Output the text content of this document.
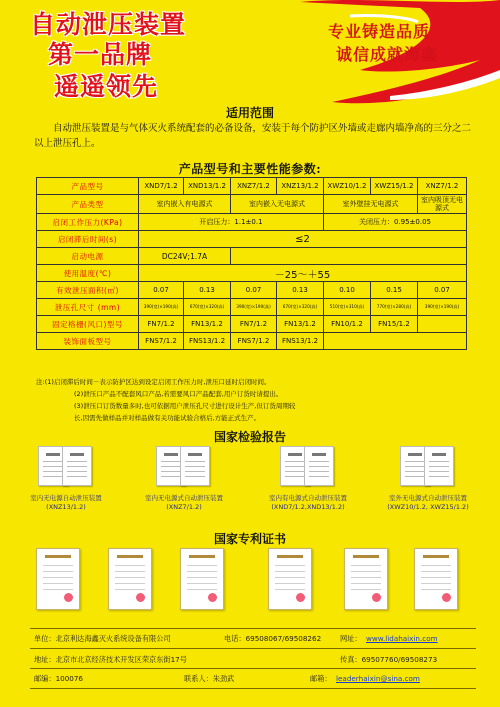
自动泄压装置
第一品牌
遥遥领先
专业铸造品质
诚信成就海鑫
适用范围
自动泄压装置是与气体灭火系统配套的必备设备，安装于每个防护区外墙或走廊内墙净高的三分之二以上泄压孔上。
产品型号和主要性能参数:
产品型号	XND7/1.2	XND13/1.2	XNZ7/1.2	XNZ13/1.2	XWZ10/1.2	XWZ15/1.2	XNZ7/1.2
产品类型	室内嵌入有电源式		室内嵌入无电源式		室外壁挂无电源式		室内吸顶无电源式
启闭工作压力(KPa)	开启压力：1.1±0.1				关闭压力：0.95±0.05		
启闭滞后时间(s)	≤2						
启动电源	DC24V;1.7A						
使用温度(℃)	－25～＋55						
有效泄压面积(㎡)	0.07	0.13	0.07	0.13	0.10	0.15	0.07
泄压孔尺寸 (mm)	390(宽)×190(高)	670(宽)×320(高)	390(宽)×190(高)	670(宽)×320(高)	510(宽)×310(高)	770(宽)×280(高)	390(宽)×190(高)
固定格栅(风口)型号	FN7/1.2	FN13/1.2	FN7/1.2	FN13/1.2	FN10/1.2	FN15/1.2	
装饰面板型号	FNS7/1.2	FNS13/1.2	FNS7/1.2	FNS13/1.2			
注:(1)启闭滞后时间－表示防护区达到设定启闭工作压力时,泄压口延时启闭时间。
(2)泄压口产品不配套风口产品,若需要风口产品配套,用户订货时请提出。
(3)泄压口订货数量多时,也可依据用户泄压孔尺寸进行设计生产,但订货周期较
长,因需先做样品并对样品做有关功能试验合格后,方能正式生产。
国家检验报告
室内无电源自动泄压装置
(XNZ13/1.2)
室内无电源式自动泄压装置
(XNZ7/1.2)
室内有电源式自动泄压装置
(XND7/1.2,XND13/1.2)
室外无电源式自动泄压装置
(XWZ10/1.2, XWZ15/1.2)
国家专利证书
单位：北京利达海鑫灭火系统设备有限公司	电话：69508067/69508262	网址： www.lidahaixin.com
地址：北京市北京经济技术开发区荣京东街17号	传真：69507760/69508273
邮编：100076	联系人：朱劲武	邮箱： leaderhaixin@sina.com
